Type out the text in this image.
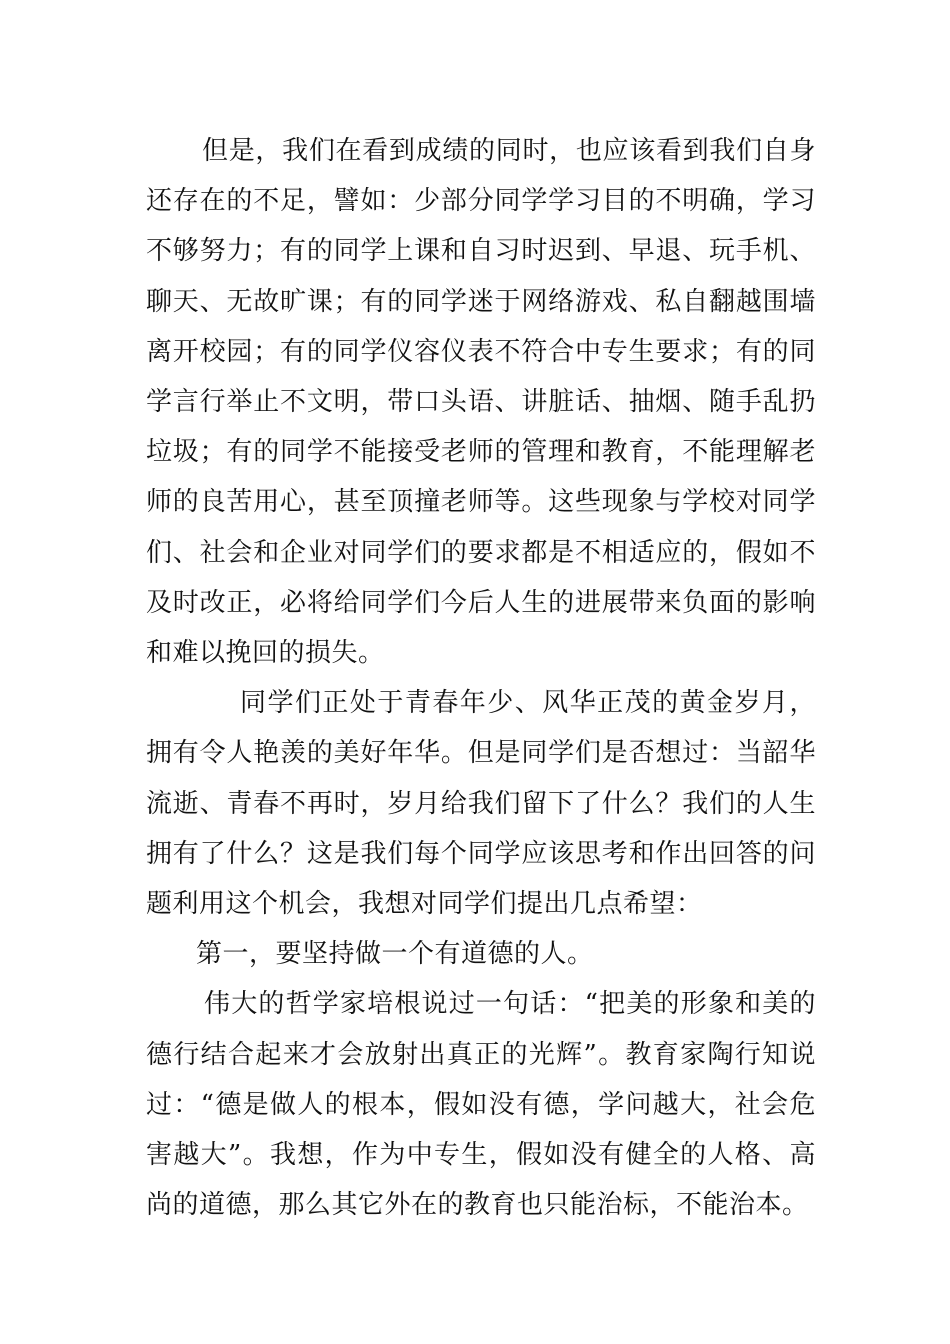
但是，我们在看到成绩的同时，也应该看到我们自身还存在的不足，譬如：少部分同学学习目的不明确，学习不够努力；有的同学上课和自习时迟到、早退、玩手机、聊天、无故旷课；有的同学迷于网络游戏、私自翻越围墙离开校园；有的同学仪容仪表不符合中专生要求；有的同学言行举止不文明，带口头语、讲脏话、抽烟、随手乱扔垃圾；有的同学不能接受老师的管理和教育，不能理解老师的良苦用心，甚至顶撞老师等。这些现象与学校对同学们、社会和企业对同学们的要求都是不相适应的，假如不及时改正，必将给同学们今后人生的进展带来负面的影响和难以挽回的损失。

同学们正处于青春年少、风华正茂的黄金岁月，拥有令人艳羡的美好年华。但是同学们是否想过：当韶华流逝、青春不再时，岁月给我们留下了什么？我们的人生拥有了什么？这是我们每个同学应该思考和作出回答的问题利用这个机会，我想对同学们提出几点希望：

第一，要坚持做一个有道德的人。

伟大的哲学家培根说过一句话：“把美的形象和美的德行结合起来才会放射出真正的光辉”。教育家陶行知说过：“德是做人的根本，假如没有德，学问越大，社会危害越大”。我想，作为中专生，假如没有健全的人格、高尚的道德，那么其它外在的教育也只能治标，不能治本。
